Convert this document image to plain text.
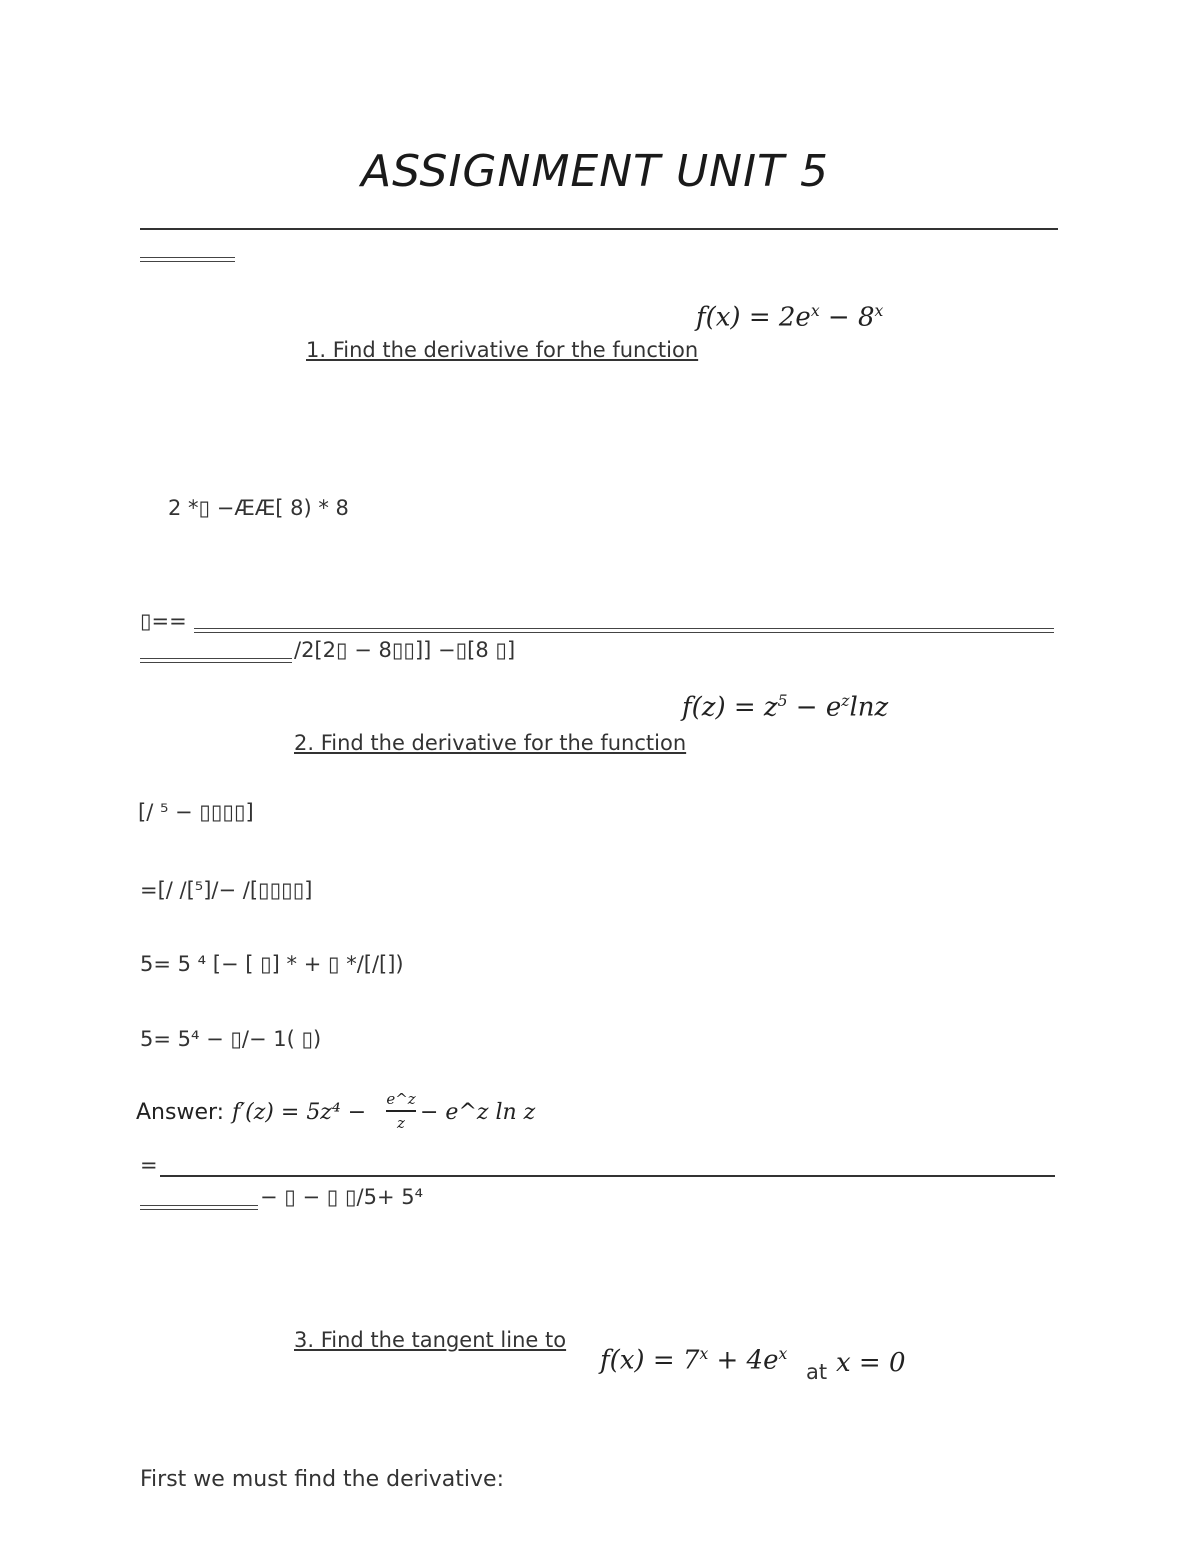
ASSIGNMENT UNIT 5
$f(x) = 2e^x - 8^x$
1. Find the derivative for the function
2 *▯ −ÆÆ[ 8) * 8
▯==
/2[2▯ − 8▯▯]] −▯[8 ▯]
$f(z) = z^5 - e^z\ln z$
2. Find the derivative for the function
[/ ⁵ − ▯▯▯▯]
=[/ /[⁵]/− /[▯▯▯▯]
5= 5 ⁴ [− [ ▯] * + ▯ */[/[])
5= 5⁴ − ▯/− 1( ▯)
Answer: f′(z) = 5z⁴ −
e^z
z − e^z ln z
=
− ▯ − ▯ ▯/5+ 5⁴
3. Find the tangent line to
$f(x) = 7^x + 4e^x$
at x = 0
First we must find the derivative:
